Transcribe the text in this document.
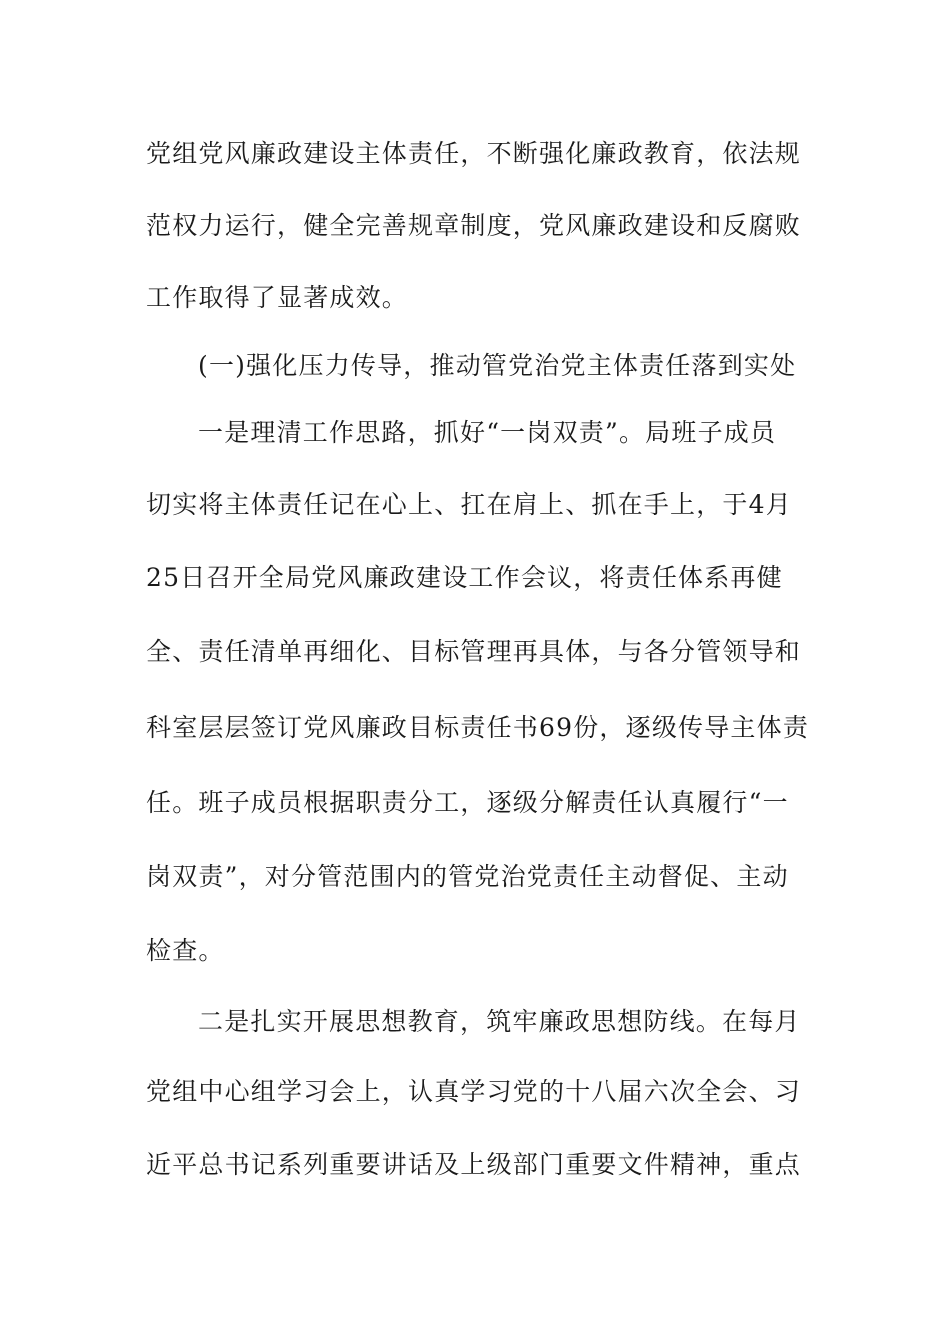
党组党风廉政建设主体责任，不断强化廉政教育，依法规
范权力运行，健全完善规章制度，党风廉政建设和反腐败
工作取得了显著成效。
(一)强化压力传导，推动管党治党主体责任落到实处
一是理清工作思路，抓好“一岗双责”。局班子成员
切实将主体责任记在心上、扛在肩上、抓在手上，于4月
25日召开全局党风廉政建设工作会议，将责任体系再健
全、责任清单再细化、目标管理再具体，与各分管领导和
科室层层签订党风廉政目标责任书69份，逐级传导主体责
任。班子成员根据职责分工，逐级分解责任认真履行“一
岗双责”，对分管范围内的管党治党责任主动督促、主动
检查。
二是扎实开展思想教育，筑牢廉政思想防线。在每月
党组中心组学习会上，认真学习党的十八届六次全会、习
近平总书记系列重要讲话及上级部门重要文件精神，重点
